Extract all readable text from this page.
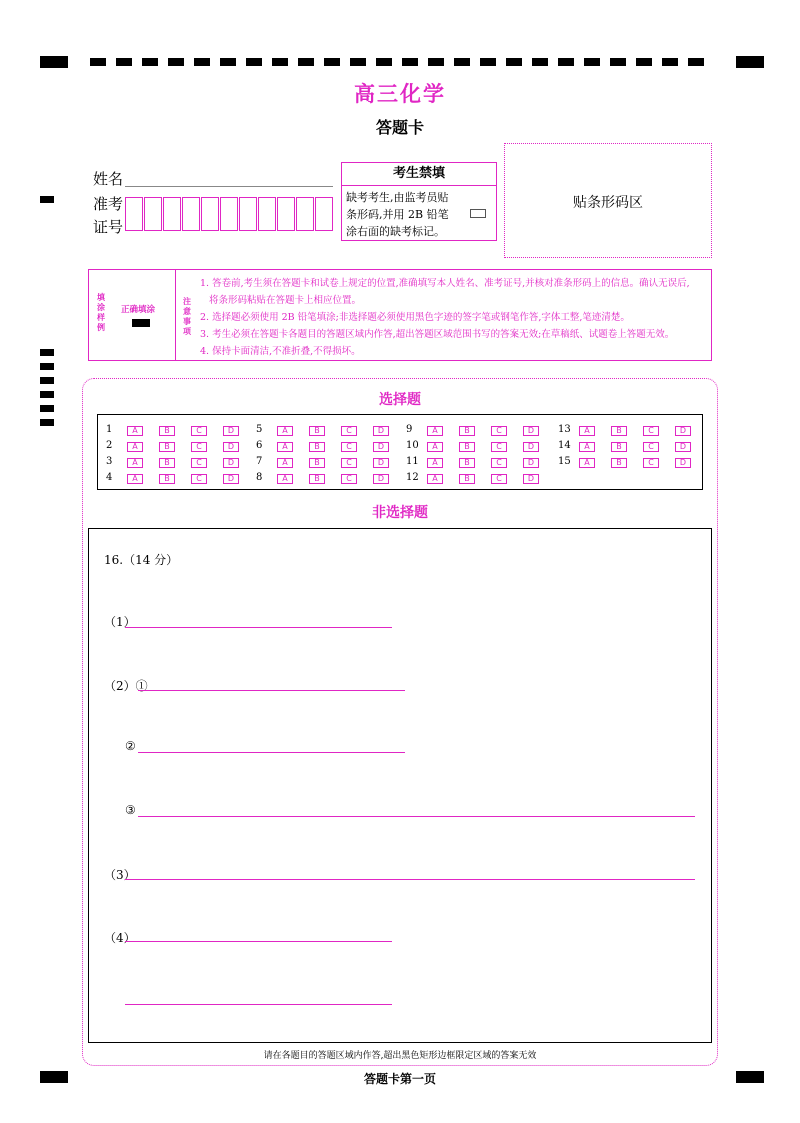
高三化学
答题卡
姓名
准考
证号
考生禁填
缺考考生,由监考员贴
条形码,并用 2B 铅笔
涂右面的缺考标记。
贴条形码区
填涂样例
正确填涂
注意事项
1. 答卷前,考生须在答题卡和试卷上规定的位置,准确填写本人姓名、准考证号,并核对准条形码上的信息。确认无误后,
将条形码粘贴在答题卡上相应位置。
2. 选择题必须使用 2B 铅笔填涂;非选择题必须使用黑色字迹的签字笔或钢笔作答,字体工整,笔迹清楚。
3. 考生必须在答题卡各题目的答题区域内作答,超出答题区域范围书写的答案无效;在草稿纸、试题卷上答题无效。
4. 保持卡面清洁,不准折叠,不得损坏。
选择题
1	A	B	C	D
2	A	B	C	D
3	A	B	C	D
4	A	B	C	D
5	A	B	C	D
6	A	B	C	D
7	A	B	C	D
8	A	B	C	D
9	A	B	C	D
10	A	B	C	D
11	A	B	C	D
12	A	B	C	D
13	A	B	C	D
14	A	B	C	D
15	A	B	C	D
非选择题
16.（14 分）
（1）
（2）①
②
③
（3）
（4）
请在各题目的答题区域内作答,超出黑色矩形边框限定区域的答案无效
答题卡第一页
